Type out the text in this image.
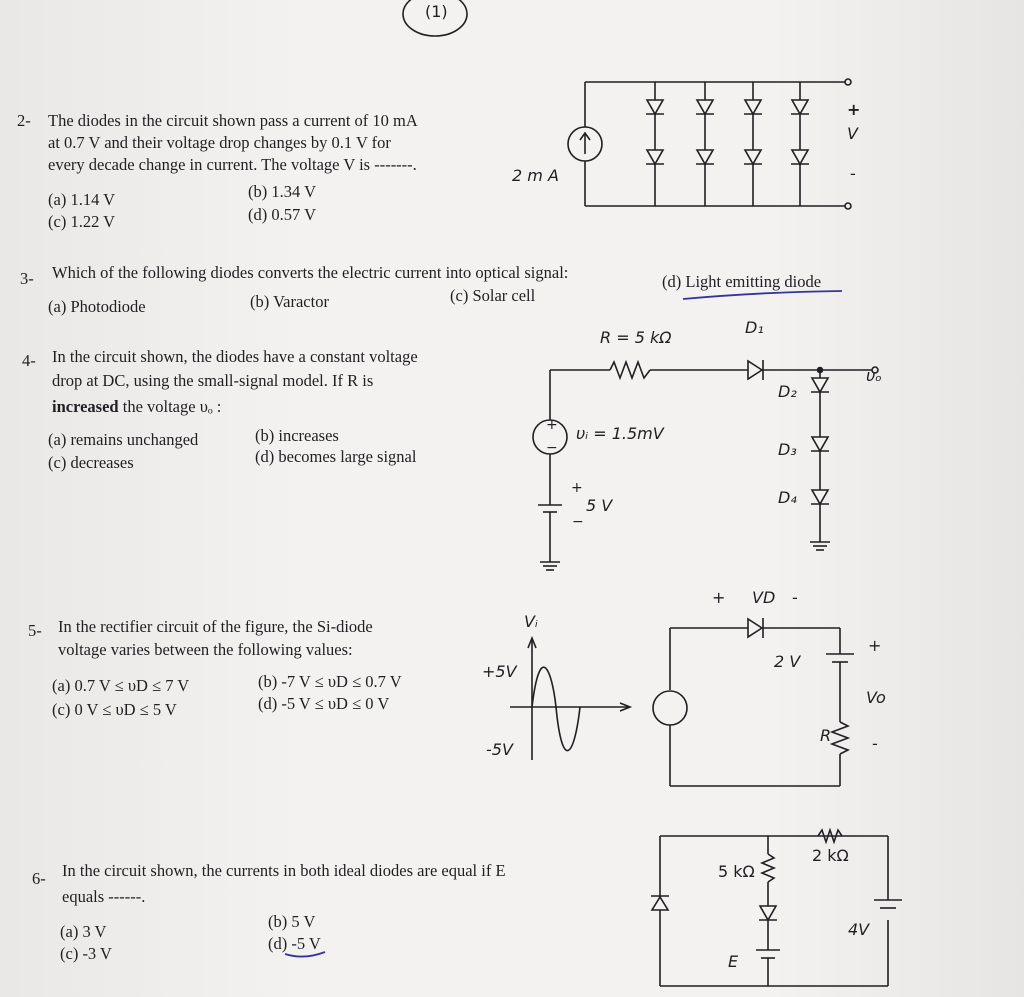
(1)
2- The diodes in the circuit shown pass a current of 10 mA
at 0.7 V and their voltage drop changes by 0.1 V for
every decade change in current. The voltage V is -------.
(a) 1.14 V	(b) 1.34 V
(c) 1.22 V	(d) 0.57 V
2 m A
+
V
-
3- Which of the following diodes converts the electric current into optical signal:
(a) Photodiode	(b) Varactor	(c) Solar cell
(d) Light emitting diode
4- In the circuit shown, the diodes have a constant voltage
drop at DC, using the small-signal model. If R is
increased the voltage υₒ :
(a) remains unchanged	(b) increases
(c) decreases	(d) becomes large signal
R = 5 kΩ
D₁
D₂
D₃
D₄
υₒ
υᵢ = 1.5mV
+
−
+
5 V
−
5- In the rectifier circuit of the figure, the Si-diode
voltage varies between the following values:
(a) 0.7 V ≤ υD ≤ 7 V	(b) -7 V ≤ υD ≤ 0.7 V
(c) 0 V ≤ υD ≤ 5 V	(d) -5 V ≤ υD ≤ 0 V
Vᵢ
+5V
-5V
+ VD -
2 V
R
+
Vo
-
6- In the circuit shown, the currents in both ideal diodes are equal if E
equals ------.
(a) 3 V
(b) 5 V
(c) -3 V
(d) -5 V
5 kΩ
2 kΩ
E
4V
